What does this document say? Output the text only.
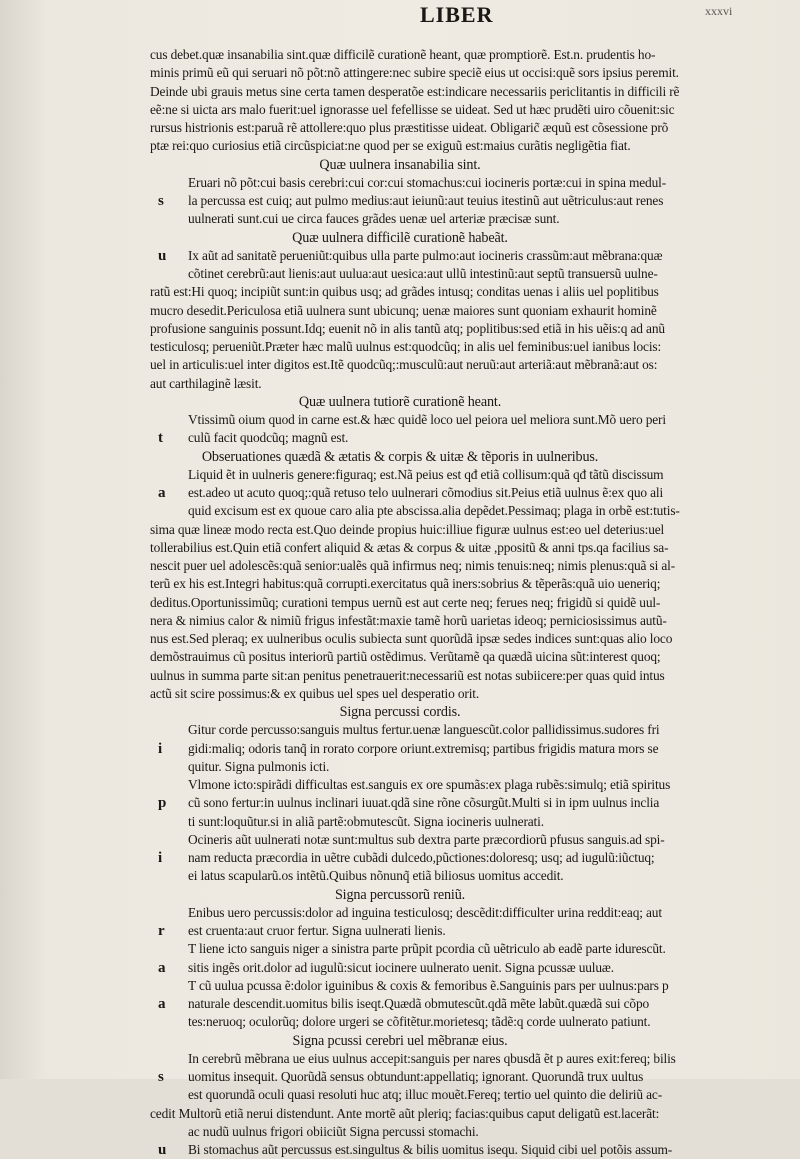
LIBER	xxxvi
cus debet.quæ insanabilia sint.quæ difficilẽ curationẽ heant, quæ promptiorẽ. Est.n. prudentis ho-
minis primũ eũ qui seruari nõ põt:nõ attingere:nec subire speciẽ eius ut occisi:quẽ sors ipsius peremit.
Deinde ubi grauis metus sine certa tamen desperatõe est:indicare necessariis periclitantis in difficili rẽ
eẽ:ne si uicta ars malo fuerit:uel ignorasse uel fefellisse se uideat. Sed ut hæc prudẽti uiro cõuenit:sic
rursus histrionis est:paruã rẽ attollere:quo plus præstitisse uideat. Obligaric̃ æquũ est cõsessione prõ
ptæ rei:quo curiosius etiã circũspiciat:ne quod per se exiguũ est:maius curãtis negligẽtia fiat.
Quæ uulnera insanabilia sint.
Eruari nõ põt:cui basis cerebri:cui cor:cui stomachus:cui iocineris portæ:cui in spina medul-
s	la percussa est cuiq; aut pulmo medius:aut ieiunũ:aut teuius itestinũ aut uẽtriculus:aut renes
uulnerati sunt.cui ue circa fauces grãdes uenæ uel arteriæ præcisæ sunt.
Quæ uulnera difficilẽ curationẽ habeãt.
u	Ix aũt ad sanitatẽ perueniũt:quibus ulla parte pulmo:aut iocineris crassũm:aut mẽbrana:quæ
cõtinet cerebrũ:aut lienis:aut uulua:aut uesica:aut ullũ intestinũ:aut septũ transuersũ uulne-
ratũ est:Hi quoq; incipiũt sunt:in quibus usq; ad grãdes intusq; conditas uenas i aliis uel poplitibus
mucro desedit.Periculosa etiã uulnera sunt ubicunq; uenæ maiores sunt quoniam exhaurit hominẽ
profusione sanguinis possunt.Idq; euenit nõ in alis tantũ atq; poplitibus:sed etiã in his uẽis:q ad anũ
testiculosq; perueniũt.Præter hæc malũ uulnus est:quodcũq; in alis uel feminibus:uel ianibus locis:
uel in articulis:uel inter digitos est.Itẽ quodcũq;:musculũ:aut neruũ:aut arteriã:aut mẽbranã:aut os:
aut carthilaginẽ læsit.
Quæ uulnera tutiorẽ curationẽ heant.
Vtissimũ oium quod in carne est.& hæc quidẽ loco uel peiora uel meliora sunt.Mõ uero peri
t	culũ facit quodcũq; magnũ est.
Obseruationes quædã & ætatis & corpis & uitæ & tẽporis in uulneribus.
Liquid ẽt in uulneris genere:figuraq; est.Nã peius est qđ etiã collisum:quã qđ tãtũ discissum
a	est.adeo ut acuto quoq;:quã retuso telo uulnerari cõmodius sit.Peius etiã uulnus ẽ:ex quo ali
quid excisum est ex quoue caro alia pte abscissa.alia depẽdet.Pessimaq; plaga in orbẽ est:tutis-
sima quæ lineæ modo recta est.Quo deinde propius huic:illiue figuræ uulnus est:eo uel deterius:uel
tollerabilius est.Quin etiã confert aliquid & ætas & corpus & uitæ ,ppositũ & anni tps.qa facilius sa-
nescit puer uel adolescẽs:quã senior:ualẽs quã infirmus neq; nimis tenuis:neq; nimis plenus:quã si al-
terũ ex his est.Integri habitus:quã corrupti.exercitatus quã iners:sobrius & tẽperãs:quã uio ueneriq;
deditus.Oportunissimũq; curationi tempus uernũ est aut certe neq; ferues neq; frigidũ si quidẽ uul-
nera & nimius calor & nimiũ frigus infestãt:maxie tamẽ horũ uarietas ideoq; perniciosissimus autũ-
nus est.Sed pleraq; ex uulneribus oculis subiecta sunt quorũdã ipsæ sedes indices sunt:quas alio loco
demõstrauimus cũ positus interiorũ partiũ ostẽdimus. Verũtamẽ qa quædã uicina sũt:interest quoq;
uulnus in summa parte sit:an penitus penetrauerit:necessariũ est notas subiicere:per quas quid intus
actũ sit scire possimus:& ex quibus uel spes uel desperatio orit.
Signa percussi cordis.
Gitur corde percusso:sanguis multus fertur.uenæ languescũt.color pallidissimus.sudores fri
i	gidi:maliq; odoris tanq̃ in rorato corpore oriunt.extremisq; partibus frigidis matura mors se
quitur. Signa pulmonis icti.
Vlmone icto:spirãdi difficultas est.sanguis ex ore spumãs:ex plaga rubẽs:simulq; etiã spiritus
p	cũ sono fertur:in uulnus inclinari iuuat.qdã sine rõne cõsurgũt.Multi si in ipm uulnus inclia
ti sunt:loquũtur.si in aliã partẽ:obmutescũt. Signa iocineris uulnerati.
Ocineris aũt uulnerati notæ sunt:multus sub dextra parte præcordiorũ pfusus sanguis.ad spi-
i	nam reducta præcordia in uẽtre cubãdi dulcedo,pũctiones:doloresq; usq; ad iugulũ:iũctuq;
ei latus scapularũ.os intẽtũ.Quibus nõnunq̃ etiã biliosus uomitus accedit.
Signa percussorũ reniũ.
Enibus uero percussis:dolor ad inguina testiculosq; descẽdit:difficulter urina reddit:eaq; aut
r	est cruenta:aut cruor fertur. Signa uulnerati lienis.
T liene icto sanguis niger a sinistra parte prũpit pcordia cũ uẽtriculo ab eadẽ parte idurescũt.
a	sitis ingẽs orit.dolor ad iugulũ:sicut iocinere uulnerato uenit. Signa pcussæ uuluæ.
T cũ uulua pcussa ẽ:dolor iguinibus & coxis & femoribus ẽ.Sanguinis pars per uulnus:pars p
a	naturale descendit.uomitus bilis iseqt.Quædã obmutescũt.qdã mẽte labũt.quædã sui cõpo
tes:neruoq; oculorũq; dolore urgeri se cõfitẽtur.morietesq; tãdẽ:q corde uulnerato patiunt.
Signa pcussi cerebri uel mẽbranæ eius.
In cerebrũ mẽbrana ue eius uulnus accepit:sanguis per nares qbusdã ẽt p aures exit:fereq; bilis
s	uomitus insequit. Quorũdã sensus obtundunt:appellatiq; ignorant. Quorundã trux uultus
est quorundã oculi quasi resoluti huc atq; illuc mouẽt.Fereq; tertio uel quinto die deliriũ ac-
cedit Multorũ etiã nerui distendunt. Ante mortẽ aũt pleriq; facias:quibus caput deligatũ est.lacerãt:
ac nudũ uulnus frigori obiiciũt Signa percussi stomachi.
u	Bi stomachus aũt percussus est.singultus & bilis uomitus isequ. Siquid cibi uel potõis assum-
